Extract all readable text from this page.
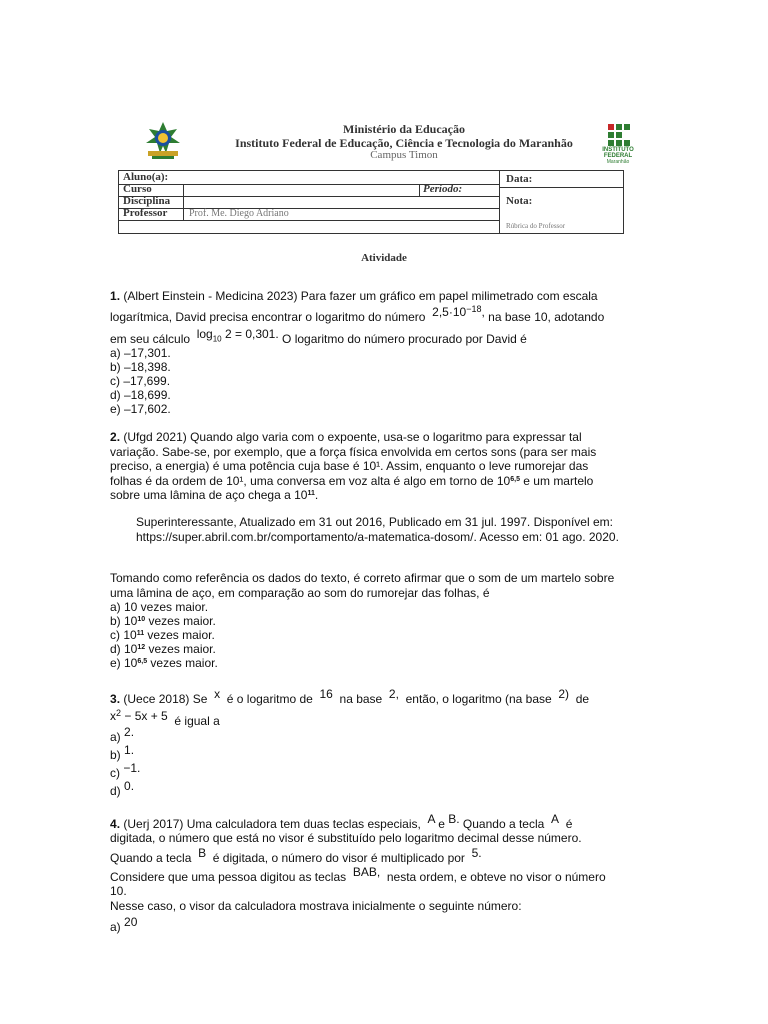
Ministério da Educação
Instituto Federal de Educação, Ciência e Tecnologia do Maranhão
Campus Timon	INSTITUTO
FEDERAL
Maranhão
Aluno(a):
Curso	Período:
Disciplina
Professor Prof. Me. Diego Adriano
Data:
Nota:
Rúbrica do Professor
Atividade
1. (Albert Einstein - Medicina 2023) Para fazer um gráfico em papel milimetrado com escala
logarítmica, David precisa encontrar o logaritmo do número $2,5\cdot 10^{-18}$, na base 10, adotando
em seu cálculo $\log_{10} 2 = 0,301$. O logaritmo do número procurado por David é
a) –17,301.
b) –18,398.
c) –17,699.
d) –18,699.
e) –17,602.
2. (Ufgd 2021) Quando algo varia com o expoente, usa-se o logaritmo para expressar tal
variação. Sabe-se, por exemplo, que a força física envolvida em certos sons (para ser mais
preciso, a energia) é uma potência cuja base é 10¹. Assim, enquanto o leve rumorejar das
folhas é da ordem de 10¹, uma conversa em voz alta é algo em torno de 10$^{6,5}$ e um martelo
sobre uma lâmina de aço chega a $10^{11}$.
Superinteressante, Atualizado em 31 out 2016, Publicado em 31 jul. 1997. Disponível em:
https://super.abril.com.br/comportamento/a-matematica-dosom/. Acesso em: 01 ago. 2020.
Tomando como referência os dados do texto, é correto afirmar que o som de um martelo sobre
uma lâmina de aço, em comparação ao som do rumorejar das folhas, é
a) 10 vezes maior.
b) $10^{10}$ vezes maior.
c) $10^{11}$ vezes maior.
d) $10^{12}$ vezes maior.
e) 10$^{6,5}$ vezes maior.
3. (Uece 2018) Se x é o logaritmo de 16 na base 2, então, o logaritmo (na base 2) de
$x^2 - 5x + 5$ é igual a
a) 2.
b) 1.
c) −1.
d) 0.
4. (Uerj 2017) Uma calculadora tem duas teclas especiais, A e B. Quando a tecla A é
digitada, o número que está no visor é substituído pelo logaritmo decimal desse número.
Quando a tecla B é digitada, o número do visor é multiplicado por 5.
Considere que uma pessoa digitou as teclas BAB, nesta ordem, e obteve no visor o número
10.
Nesse caso, o visor da calculadora mostrava inicialmente o seguinte número:
a) 20
